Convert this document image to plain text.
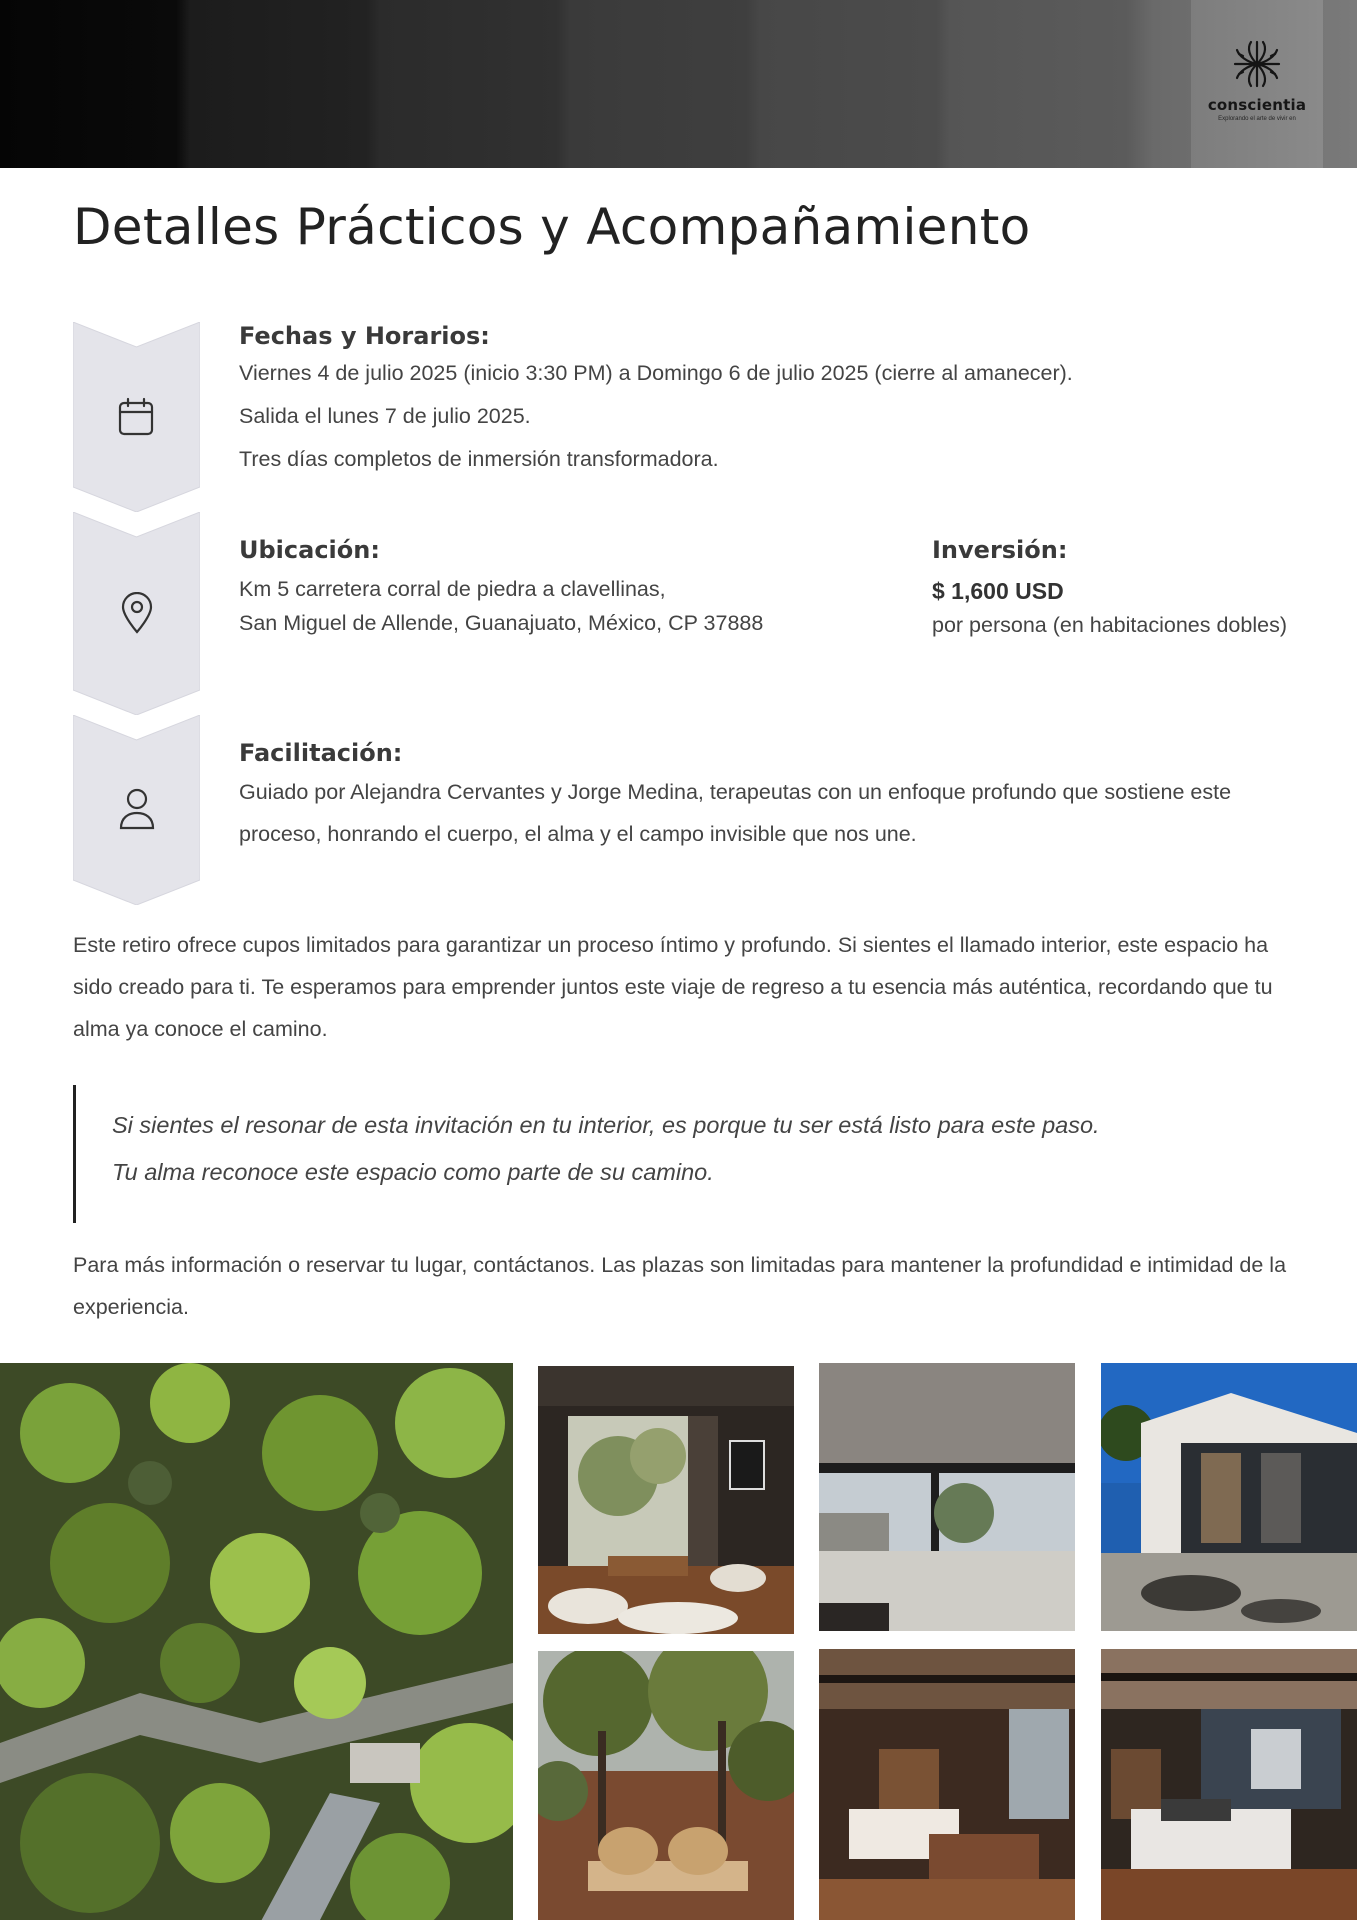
conscientia
Explorando el arte de vivir en
Detalles Prácticos y Acompañamiento
Fechas y Horarios:

Viernes 4 de julio 2025 (inicio 3:30 PM) a Domingo 6 de julio 2025 (cierre al amanecer).

Salida el lunes 7 de julio 2025.

Tres días completos de inmersión transformadora.

Ubicación:

Km 5 carretera corral de piedra a clavellinas,

San Miguel de Allende, Guanajuato, México, CP 37888

Inversión:
$ 1,600 USD

por persona (en habitaciones dobles)

Facilitación:

Guiado por Alejandra Cervantes y Jorge Medina, terapeutas con un enfoque profundo que sostiene este

proceso, honrando el cuerpo, el alma y el campo invisible que nos une.

Este retiro ofrece cupos limitados para garantizar un proceso íntimo y profundo. Si sientes el llamado interior, este espacio ha sido creado para ti. Te esperamos para emprender juntos este viaje de regreso a tu esencia más auténtica, recordando que tu alma ya conoce el camino.

Si sientes el resonar de esta invitación en tu interior, es porque tu ser está listo para este paso.

Tu alma reconoce este espacio como parte de su camino.

Para más información o reservar tu lugar, contáctanos. Las plazas son limitadas para mantener la profundidad e intimidad de la experiencia.
